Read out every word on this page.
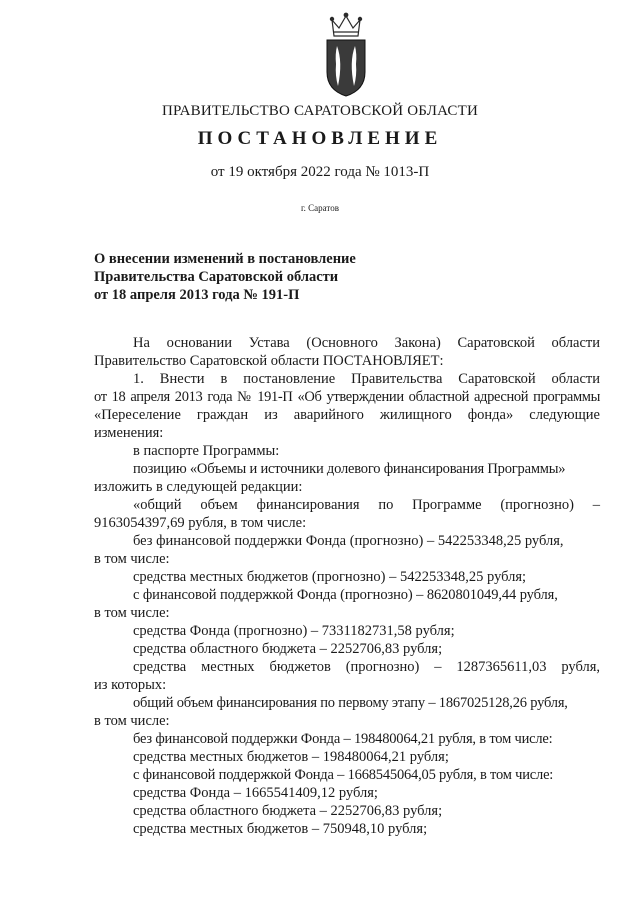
ПРАВИТЕЛЬСТВО САРАТОВСКОЙ ОБЛАСТИ
ПОСТАНОВЛЕНИЕ
от 19 октября 2022 года № 1013-П
г. Саратов
О внесении изменений в постановление
Правительства Саратовской области
от 18 апреля 2013 года № 191-П
На основании Устава (Основного Закона) Саратовской области
Правительство Саратовской области ПОСТАНОВЛЯЕТ:
1. Внести в постановление Правительства Саратовской области
от 18 апреля 2013 года № 191-П «Об утверждении областной адресной программы
«Переселение граждан из аварийного жилищного фонда» следующие
изменения:
в паспорте Программы:
позицию «Объемы и источники долевого финансирования Программы»
изложить в следующей редакции:
«общий объем финансирования по Программе (прогнозно) –
9163054397,69 рубля, в том числе:
без финансовой поддержки Фонда (прогнозно) – 542253348,25 рубля,
в том числе:
средства местных бюджетов (прогнозно) – 542253348,25 рубля;
с финансовой поддержкой Фонда (прогнозно) – 8620801049,44 рубля,
в том числе:
средства Фонда (прогнозно) – 7331182731,58 рубля;
средства областного бюджета – 2252706,83 рубля;
средства местных бюджетов (прогнозно) – 1287365611,03 рубля,
из которых:
общий объем финансирования по первому этапу – 1867025128,26 рубля,
в том числе:
без финансовой поддержки Фонда – 198480064,21 рубля, в том числе:
средства местных бюджетов – 198480064,21 рубля;
с финансовой поддержкой Фонда – 1668545064,05 рубля, в том числе:
средства Фонда – 1665541409,12 рубля;
средства областного бюджета – 2252706,83 рубля;
средства местных бюджетов – 750948,10 рубля;
